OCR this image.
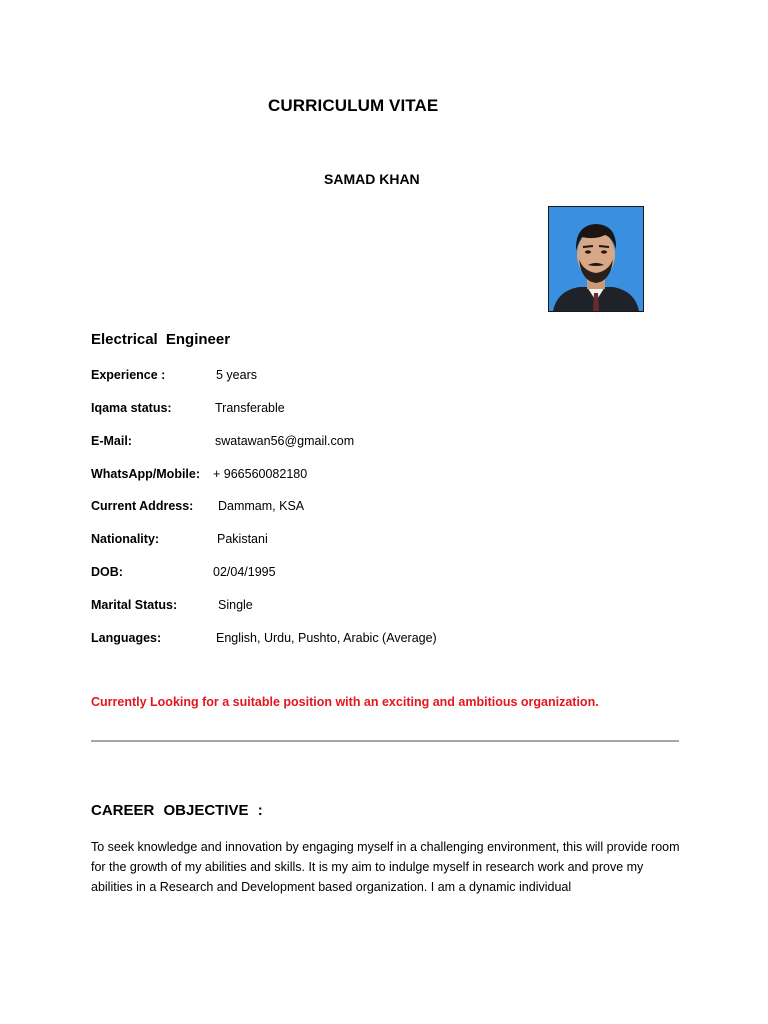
CURRICULUM VITAE
SAMAD KHAN
Electrical Engineer
Experience :	5 years
Iqama status:	Transferable
E-Mail:	swatawan56@gmail.com
WhatsApp/Mobile: + 966560082180
Current Address: Dammam, KSA
Nationality:	Pakistani
DOB:	02/04/1995
Marital Status:	Single
Languages:	English, Urdu, Pushto, Arabic (Average)
Currently Looking for a suitable position with an exciting and ambitious organization.
CAREER OBJECTIVE :
To seek knowledge and innovation by engaging myself in a challenging environment, this will provide room for the growth of my abilities and skills. It is my aim to indulge myself in research work and prove my abilities in a Research and Development based organization. I am a dynamic individual
